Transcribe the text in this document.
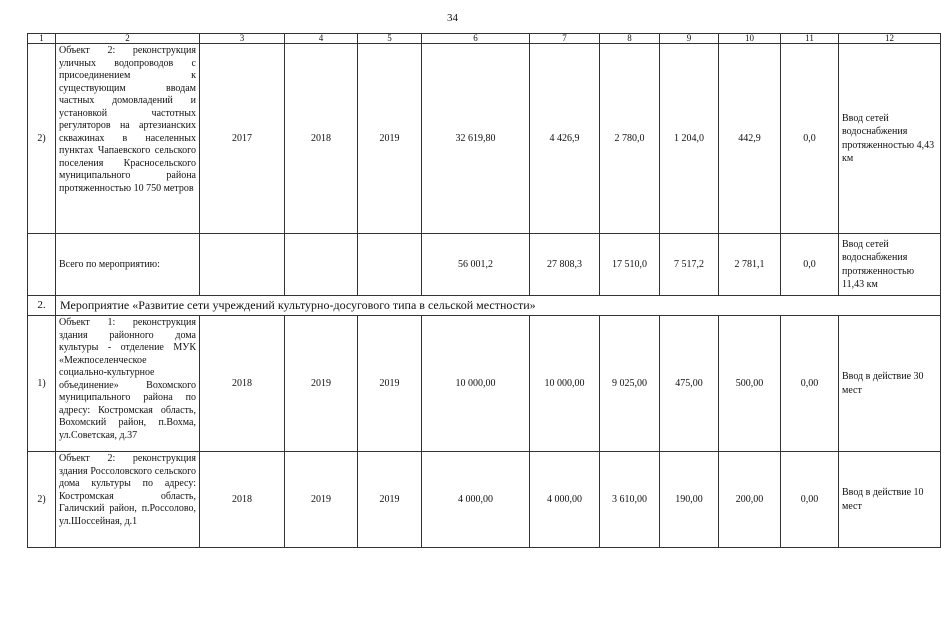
34
1	2	3	4	5	6	7	8	9	10	11	12
2)	Объект 2: реконструкция уличных водопроводов с присоединением к существующим вводам частных домовладений и установкой частотных регуляторов на артезианских скважинах в населенных пунктах Чапаевского сельского поселения Красносельского муниципального района протяженностью 10 750 метров	2017	2018	2019	32 619,80	4 426,9	2 780,0	1 204,0	442,9	0,0	Ввод сетей водоснабжения протяженностью 4,43 км
	Всего по мероприятию:				56 001,2	27 808,3	17 510,0	7 517,2	2 781,1	0,0	Ввод сетей водоснабжения протяженностью 11,43 км
2.	Мероприятие «Развитие сети учреждений культурно-досугового типа в сельской местности»										
1)	Объект 1: реконструкция здания районного дома культуры - отделение МУК «Межпоселенческое социально-культурное объединение» Вохомского муниципального района по адресу: Костромская область, Вохомский район, п.Вохма, ул.Советская, д.37	2018	2019	2019	10 000,00	10 000,00	9 025,00	475,00	500,00	0,00	Ввод в действие 30 мест
2)	Объект 2: реконструкция здания Россоловского сельского дома культуры по адресу: Костромская область, Галичский район, п.Россолово, ул.Шоссейная, д.1	2018	2019	2019	4 000,00	4 000,00	3 610,00	190,00	200,00	0,00	Ввод в действие 10 мест
